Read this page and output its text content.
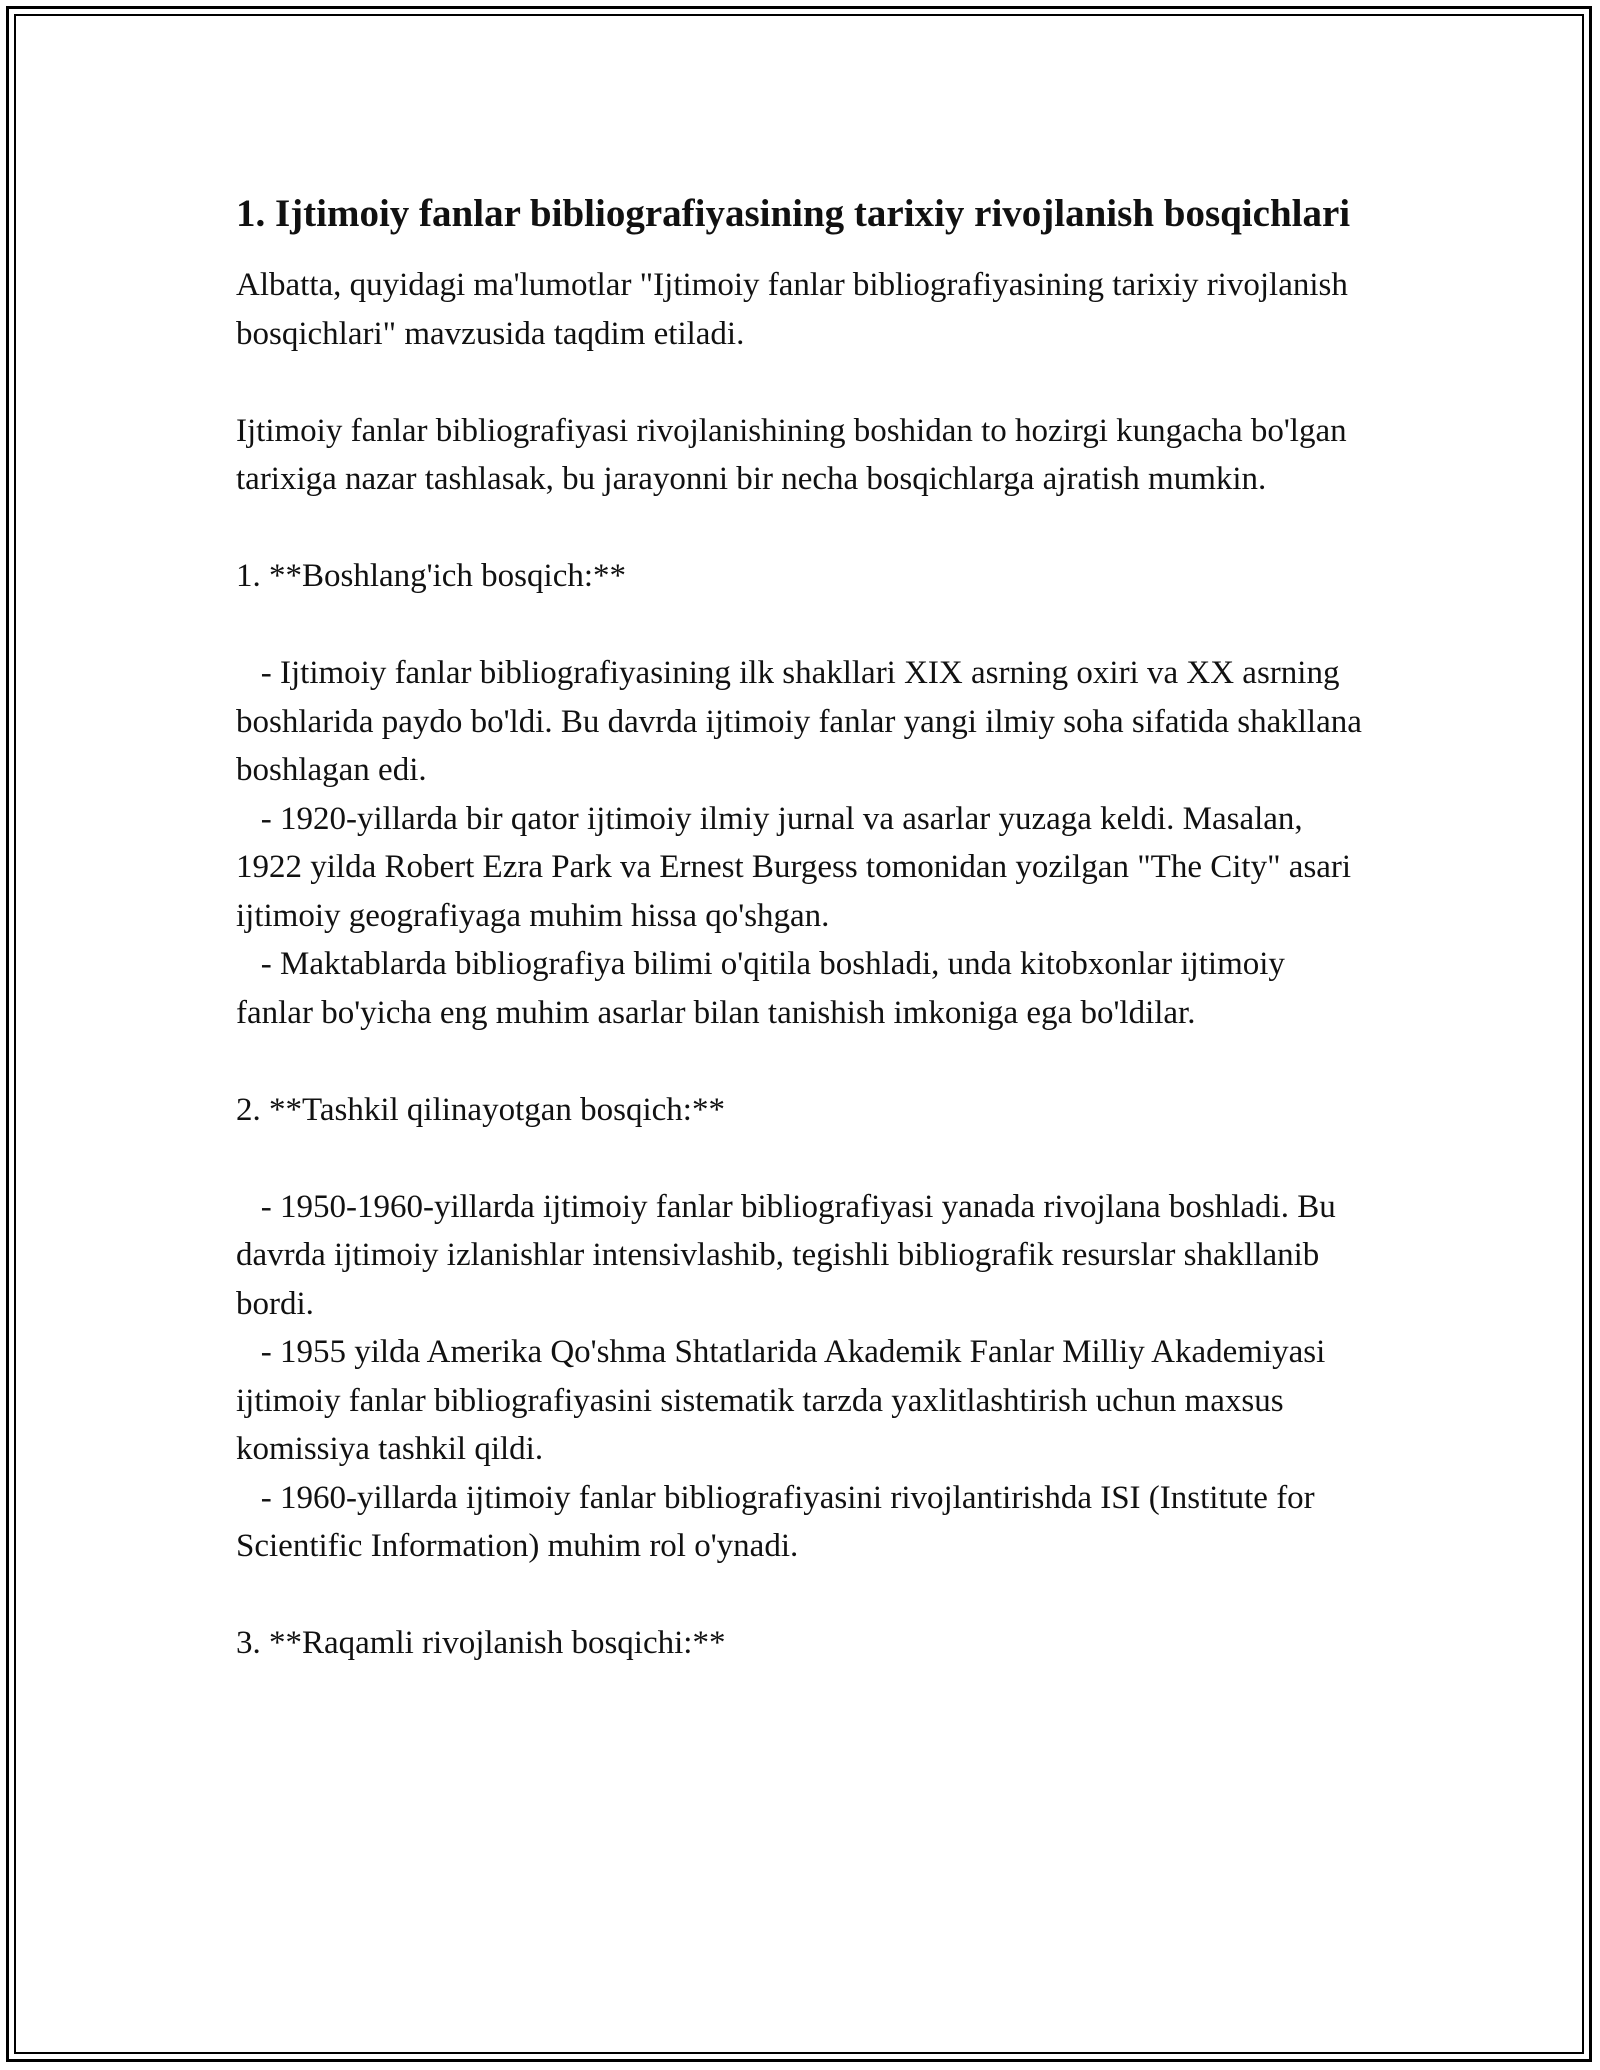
1. Ijtimoiy fanlar bibliografiyasining tarixiy rivojlanish bosqichlari

Albatta, quyidagi ma'lumotlar "Ijtimoiy fanlar bibliografiyasining tarixiy rivojlanish bosqichlari" mavzusida taqdim etiladi.

Ijtimoiy fanlar bibliografiyasi rivojlanishining boshidan to hozirgi kungacha bo'lgan tarixiga nazar tashlasak, bu jarayonni bir necha bosqichlarga ajratish mumkin.

1. **Boshlang'ich bosqich:**

- Ijtimoiy fanlar bibliografiyasining ilk shakllari XIX asrning oxiri va XX asrning boshlarida paydo bo'ldi. Bu davrda ijtimoiy fanlar yangi ilmiy soha sifatida shakllana boshlagan edi.

- 1920-yillarda bir qator ijtimoiy ilmiy jurnal va asarlar yuzaga keldi. Masalan, 1922 yilda Robert Ezra Park va Ernest Burgess tomonidan yozilgan "The City" asari ijtimoiy geografiyaga muhim hissa qo'shgan.

- Maktablarda bibliografiya bilimi o'qitila boshladi, unda kitobxonlar ijtimoiy fanlar bo'yicha eng muhim asarlar bilan tanishish imkoniga ega bo'ldilar.

2. **Tashkil qilinayotgan bosqich:**

- 1950-1960-yillarda ijtimoiy fanlar bibliografiyasi yanada rivojlana boshladi. Bu davrda ijtimoiy izlanishlar intensivlashib, tegishli bibliografik resurslar shakllanib bordi.

- 1955 yilda Amerika Qo'shma Shtatlarida Akademik Fanlar Milliy Akademiyasi ijtimoiy fanlar bibliografiyasini sistematik tarzda yaxlitlashtirish uchun maxsus komissiya tashkil qildi.

- 1960-yillarda ijtimoiy fanlar bibliografiyasini rivojlantirishda ISI (Institute for Scientific Information) muhim rol o'ynadi.

3. **Raqamli rivojlanish bosqichi:**
